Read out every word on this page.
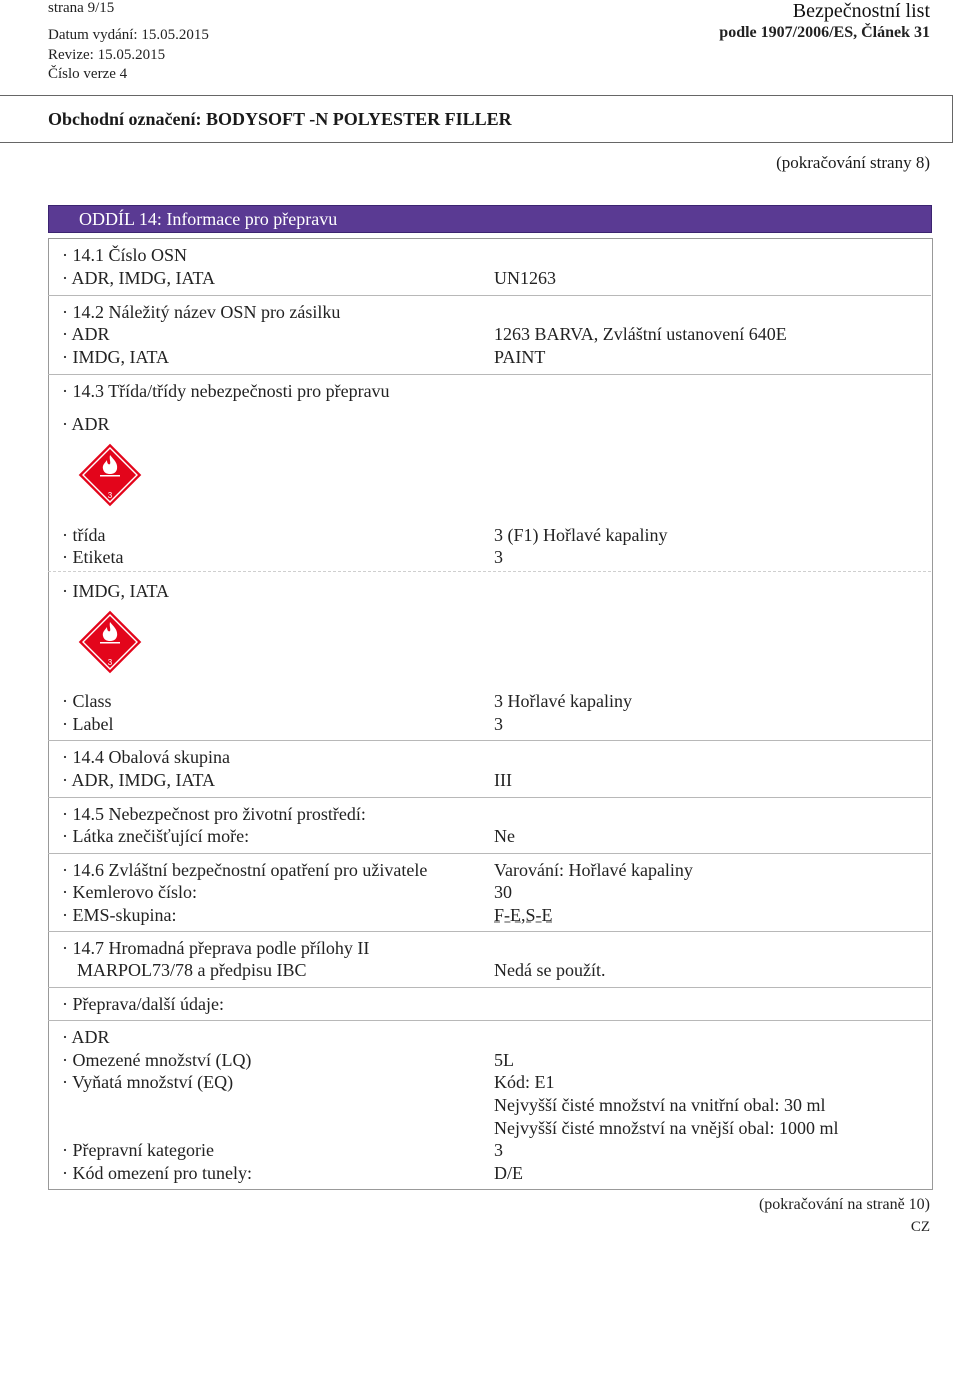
strana 9/15	Bezpečnostní list
Datum vydání: 15.05.2015	podle 1907/2006/ES, Článek 31
Revize: 15.05.2015
Číslo verze 4
Obchodní označení: BODYSOFT -N POLYESTER FILLER
(pokračování strany 8)
ODDÍL 14: Informace pro přepravu
· 14.1 Číslo OSN
· ADR, IMDG, IATA	UN1263
· 14.2 Náležitý název OSN pro zásilku
· ADR	1263 BARVA, Zvláštní ustanovení 640E
· IMDG, IATA	PAINT
· 14.3 Třída/třídy nebezpečnosti pro přepravu
· ADR
3
· třída	3 (F1) Hořlavé kapaliny
· Etiketa	3
· IMDG, IATA
3
· Class	3 Hořlavé kapaliny
· Label	3
· 14.4 Obalová skupina
· ADR, IMDG, IATA	III
· 14.5 Nebezpečnost pro životní prostředí:
· Látka znečišťující moře:	Ne
· 14.6 Zvláštní bezpečnostní opatření pro uživatele	Varování: Hořlavé kapaliny
· Kemlerovo číslo:	30
· EMS-skupina:	F-E,S-E
· 14.7 Hromadná přeprava podle přílohy II
MARPOL73/78 a předpisu IBC	Nedá se použít.
· Přeprava/další údaje:
· ADR
· Omezené množství (LQ)	5L
· Vyňatá množství (EQ)	Kód: E1
Nejvyšší čisté množství na vnitřní obal: 30 ml
Nejvyšší čisté množství na vnější obal: 1000 ml
· Přepravní kategorie	3
· Kód omezení pro tunely:	D/E
(pokračování na straně 10)
CZ
